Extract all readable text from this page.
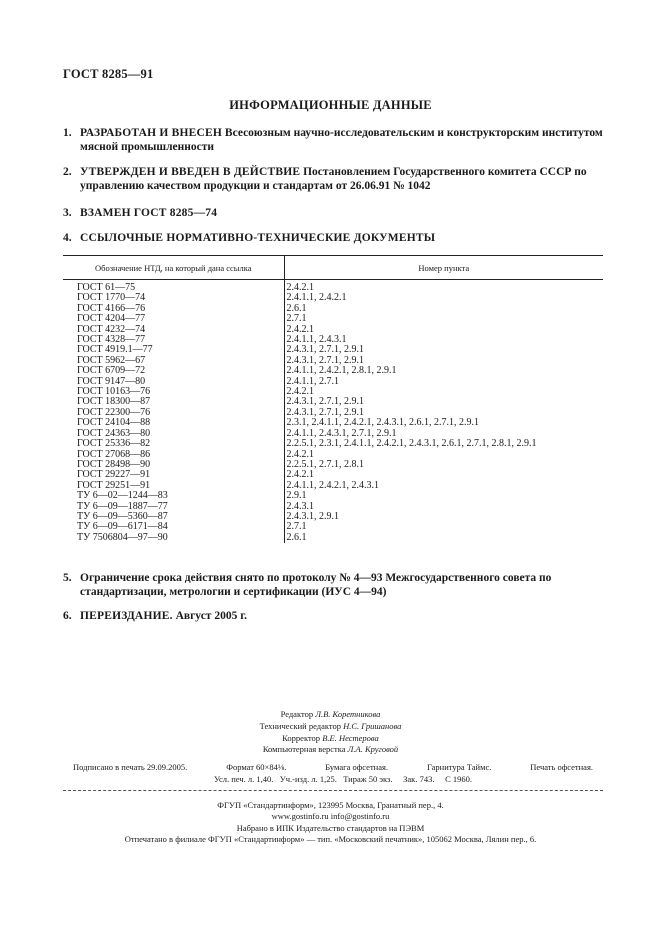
ГОСТ 8285—91
ИНФОРМАЦИОННЫЕ ДАННЫЕ
1. РАЗРАБОТАН И ВНЕСЕН Всесоюзным научно-исследовательским и конструкторским институтом мясной промышленности
2. УТВЕРЖДЕН И ВВЕДЕН В ДЕЙСТВИЕ Постановлением Государственного комитета СССР по управлению качеством продукции и стандартам от 26.06.91 № 1042
3. ВЗАМЕН ГОСТ 8285—74
4. ССЫЛОЧНЫЕ НОРМАТИВНО-ТЕХНИЧЕСКИЕ ДОКУМЕНТЫ
Обозначение НТД, на который дана ссылка	Номер пункта
ГОСТ 61—75	2.4.2.1
ГОСТ 1770—74	2.4.1.1, 2.4.2.1
ГОСТ 4166—76	2.6.1
ГОСТ 4204—77	2.7.1
ГОСТ 4232—74	2.4.2.1
ГОСТ 4328—77	2.4.1.1, 2.4.3.1
ГОСТ 4919.1—77	2.4.3.1, 2.7.1, 2.9.1
ГОСТ 5962—67	2.4.3.1, 2.7.1, 2.9.1
ГОСТ 6709—72	2.4.1.1, 2.4.2.1, 2.8.1, 2.9.1
ГОСТ 9147—80	2.4.1.1, 2.7.1
ГОСТ 10163—76	2.4.2.1
ГОСТ 18300—87	2.4.3.1, 2.7.1, 2.9.1
ГОСТ 22300—76	2.4.3.1, 2.7.1, 2.9.1
ГОСТ 24104—88	2.3.1, 2.4.1.1, 2.4.2.1, 2.4.3.1, 2.6.1, 2.7.1, 2.9.1
ГОСТ 24363—80	2.4.1.1, 2.4.3.1, 2.7.1, 2.9.1
ГОСТ 25336—82	2.2.5.1, 2.3.1, 2.4.1.1, 2.4.2.1, 2.4.3.1, 2.6.1, 2.7.1, 2.8.1, 2.9.1
ГОСТ 27068—86	2.4.2.1
ГОСТ 28498—90	2.2.5.1, 2.7.1, 2.8.1
ГОСТ 29227—91	2.4.2.1
ГОСТ 29251—91	2.4.1.1, 2.4.2.1, 2.4.3.1
ТУ 6—02—1244—83	2.9.1
ТУ 6—09—1887—77	2.4.3.1
ТУ 6—09—5360—87	2.4.3.1, 2.9.1
ТУ 6—09—6171—84	2.7.1
ТУ 7506804—97—90	2.6.1
5. Ограничение срока действия снято по протоколу № 4—93 Межгосударственного совета по стандартизации, метрологии и сертификации (ИУС 4—94)
6. ПЕРЕИЗДАНИЕ. Август 2005 г.
Редактор Л.В. Коретникова
Технический редактор Н.С. Гришанова
Корректор В.Е. Нестерова
Компьютерная верстка Л.А. Круговой
Подписано в печать 29.09.2005.	Формат 60×84⅛.	Бумага офсетная.	Гарнитура Таймс.	Печать офсетная.
Усл. печ. л. 1,40. Уч.-изд. л. 1,25. Тираж 50 экз. Зак. 743. С 1960.
ФГУП «Стандартинформ», 123995 Москва, Гранатный пер., 4.
www.gostinfo.ru info@gostinfo.ru
Набрано в ИПК Издательство стандартов на ПЭВМ
Отпечатано в филиале ФГУП «Стандартинформ» — тип. «Московский печатник», 105062 Москва, Лялин пер., 6.
